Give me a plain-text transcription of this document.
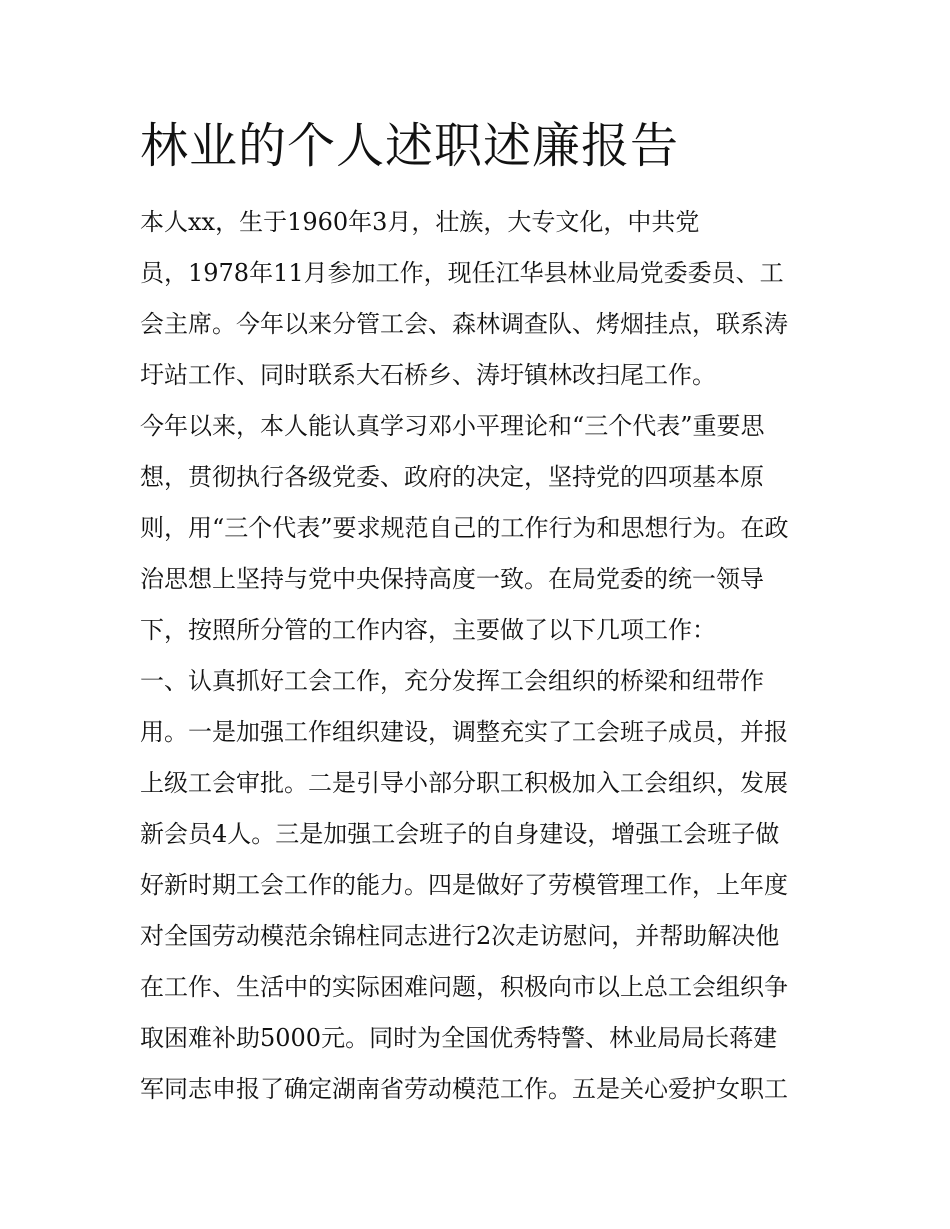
林业的个人述职述廉报告

本人xx，生于1960年3月，壮族，大专文化，中共党

员，1978年11月参加工作，现任江华县林业局党委委员、工

会主席。今年以来分管工会、森林调查队、烤烟挂点，联系涛

圩站工作、同时联系大石桥乡、涛圩镇林改扫尾工作。

今年以来，本人能认真学习邓小平理论和“三个代表”重要思

想，贯彻执行各级党委、政府的决定，坚持党的四项基本原

则，用“三个代表”要求规范自己的工作行为和思想行为。在政

治思想上坚持与党中央保持高度一致。在局党委的统一领导

下，按照所分管的工作内容，主要做了以下几项工作：

一、认真抓好工会工作，充分发挥工会组织的桥梁和纽带作

用。一是加强工作组织建设，调整充实了工会班子成员，并报

上级工会审批。二是引导小部分职工积极加入工会组织，发展

新会员4人。三是加强工会班子的自身建设，增强工会班子做

好新时期工会工作的能力。四是做好了劳模管理工作，上年度

对全国劳动模范余锦柱同志进行2次走访慰问，并帮助解决他

在工作、生活中的实际困难问题，积极向市以上总工会组织争

取困难补助5000元。同时为全国优秀特警、林业局局长蒋建

军同志申报了确定湖南省劳动模范工作。五是关心爱护女职工
